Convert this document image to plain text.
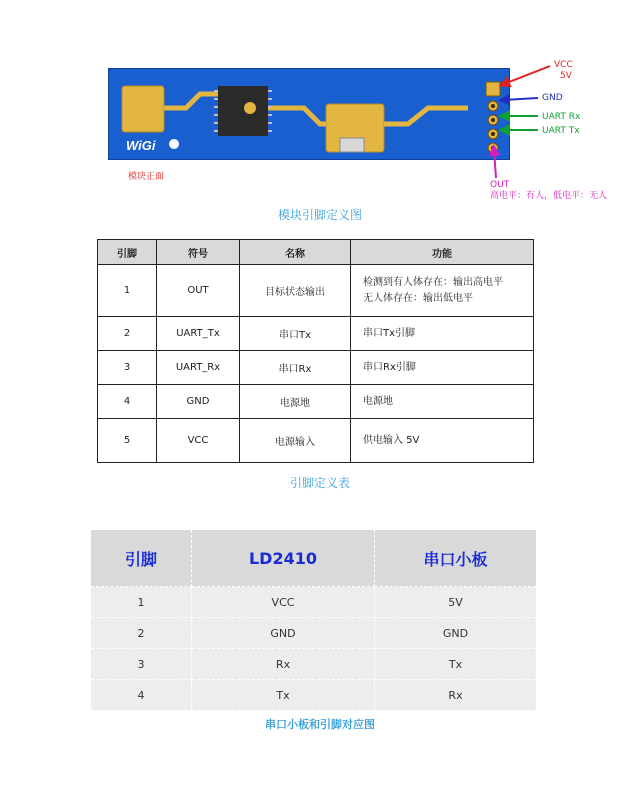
WiGi
VCC
5V
GND
UART Rx
UART Tx
OUT
高电平：有人，低电平：无人
模块正面
模块引脚定义图
引脚	符号	名称	功能
1	OUT	目标状态输出	检测到有人体存在：输出高电平
无人体存在：输出低电平

2	UART_Tx	串口Tx	串口Tx引脚
3	UART_Rx	串口Rx	串口Rx引脚
4	GND	电源地	电源地
5	VCC	电源输入	供电输入 5V
引脚定义表
引脚	LD2410	串口小板
1	VCC	5V
2	GND	GND
3	Rx	Tx
4	Tx	Rx
串口小板和引脚对应图
